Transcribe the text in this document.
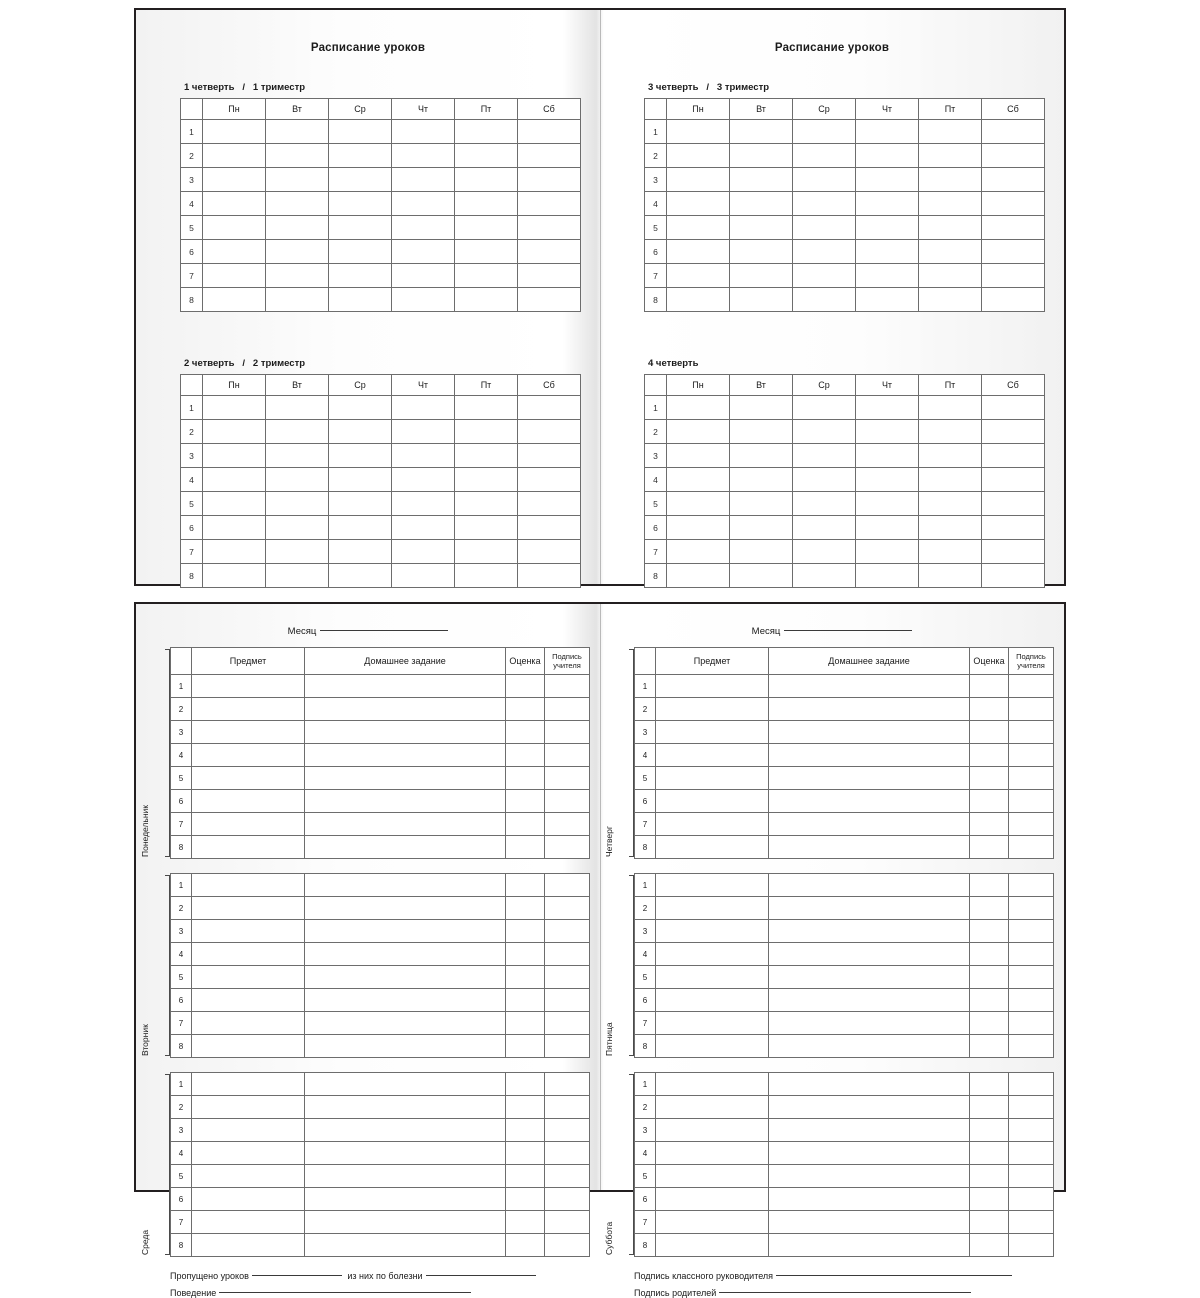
Расписание уроков
1 четверть   /   1 триместр
	Пн	Вт	Ср	Чт	Пт	Сб
1						
2						
3						
4						
5						
6						
7						
8						
2 четверть   /   2 триместр
	Пн	Вт	Ср	Чт	Пт	Сб
1						
2						
3						
4						
5						
6						
7						
8						
Расписание уроков
3 четверть   /   3 триместр
	Пн	Вт	Ср	Чт	Пт	Сб
1						
2						
3						
4						
5						
6						
7						
8						
4 четверть
	Пн	Вт	Ср	Чт	Пт	Сб
1						
2						
3						
4						
5						
6						
7						
8						
Месяц
Понедельник
	Предмет	Домашнее задание	Оценка	Подпись
учителя
1				
2				
3				
4				
5				
6				
7				
8				
Вторник
1				
2				
3				
4				
5				
6				
7				
8				
Среда
1				
2				
3				
4				
5				
6				
7				
8				
Пропущено уроков	из них по болезни
Поведение
Месяц
Четверг
	Предмет	Домашнее задание	Оценка	Подпись
учителя
1				
2				
3				
4				
5				
6				
7				
8				
Пятница
1				
2				
3				
4				
5				
6				
7				
8				
Суббота
1				
2				
3				
4				
5				
6				
7				
8				
Подпись классного руководителя
Подпись родителей
